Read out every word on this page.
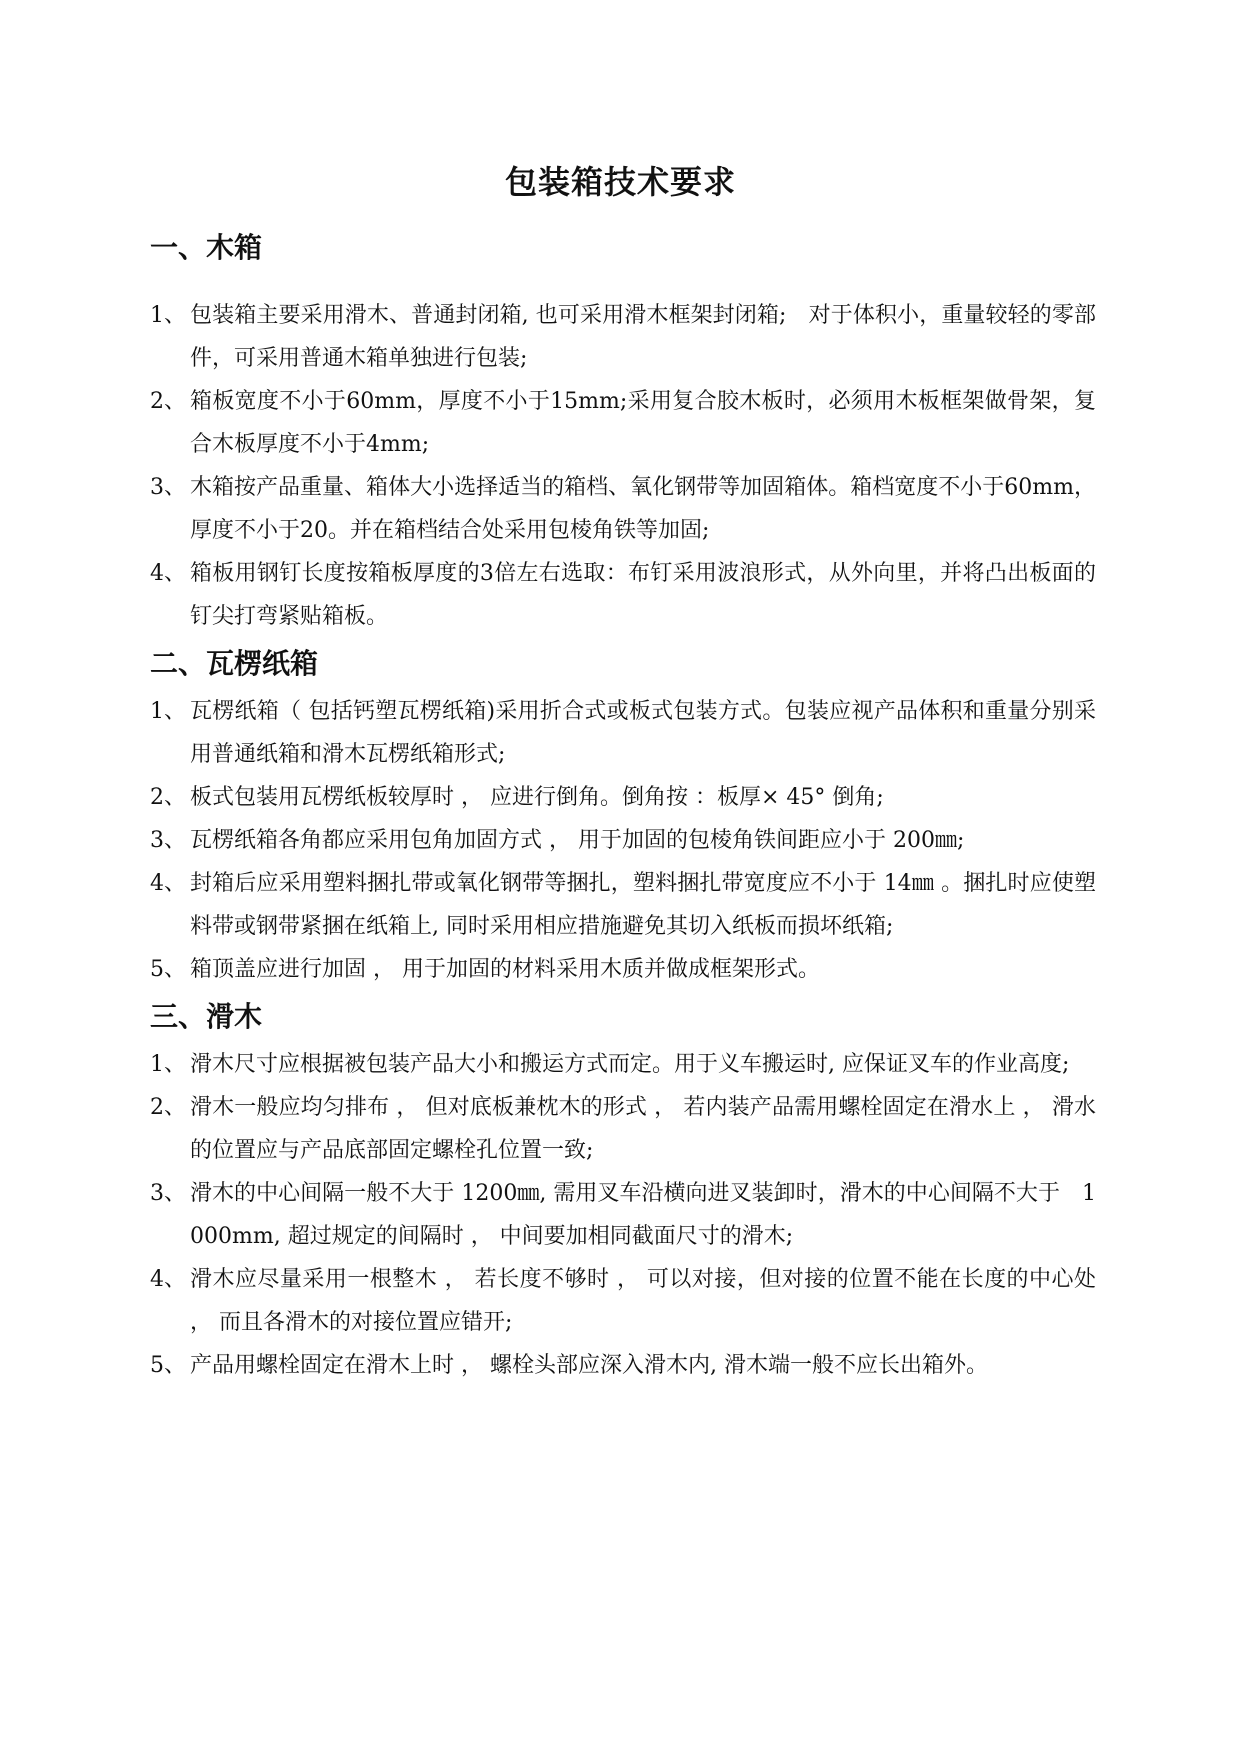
包装箱技术要求
一、木箱
1、 包装箱主要采用滑木、普通封闭箱, 也可采用滑木框架封闭箱;　对于体积小，重量较轻的零部件，可采用普通木箱单独进行包装;
2、 箱板宽度不小于60mm，厚度不小于15mm;采用复合胶木板时，必须用木板框架做骨架，复合木板厚度不小于4mm;
3、 木箱按产品重量、箱体大小选择适当的箱档、氧化钢带等加固箱体。箱档宽度不小于60mm，厚度不小于20。并在箱档结合处采用包棱角铁等加固;
4、 箱板用钢钉长度按箱板厚度的3倍左右选取：布钉采用波浪形式，从外向里，并将凸出板面的钉尖打弯紧贴箱板。
二、瓦楞纸箱
1、 瓦楞纸箱（ 包括钙塑瓦楞纸箱)采用折合式或板式包装方式。包装应视产品体积和重量分别采用普通纸箱和滑木瓦楞纸箱形式;
2、 板式包装用瓦楞纸板较厚时 ， 应进行倒角。倒角按 ：板厚× 45° 倒角;
3、 瓦楞纸箱各角都应采用包角加固方式 ， 用于加固的包棱角铁间距应小于 200㎜;
4、 封箱后应采用塑料捆扎带或氧化钢带等捆扎，塑料捆扎带宽度应不小于 14㎜ 。捆扎时应使塑料带或钢带紧捆在纸箱上, 同时采用相应措施避免其切入纸板而损坏纸箱;
5、 箱顶盖应进行加固 ， 用于加固的材料采用木质并做成框架形式。
三、滑木
1、 滑木尺寸应根据被包装产品大小和搬运方式而定。用于义车搬运时, 应保证叉车的作业高度;
2、 滑木一般应均匀排布 ， 但对底板兼枕木的形式 ， 若内装产品需用螺栓固定在滑水上 ， 滑水的位置应与产品底部固定螺栓孔位置一致;
3、 滑木的中心间隔一般不大于 1200㎜, 需用叉车沿横向进叉装卸时，滑木的中心间隔不大于　1000mm, 超过规定的间隔时 ， 中间要加相同截面尺寸的滑木;
4、 滑木应尽量采用一根整木 ， 若长度不够时 ， 可以对接，但对接的位置不能在长度的中心处 ， 而且各滑木的对接位置应错开;
5、 产品用螺栓固定在滑木上时 ， 螺栓头部应深入滑木内, 滑木端一般不应长出箱外。
